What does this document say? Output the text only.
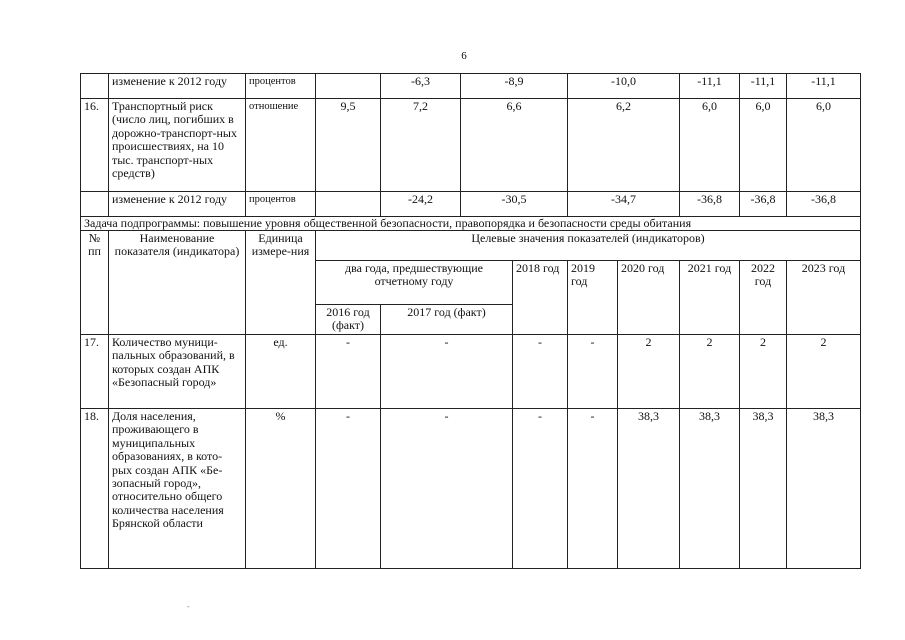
6
	изменение к 2012 году	процентов		-6,3	-8,9		-10,0		-11,1	-11,1	-11,1	
16.	Транспортный риск (число лиц, погибших в дорожно-транспорт-ных происшествиях, на 10 тыс. транспорт-ных средств)	отношение	9,5	7,2	6,6		6,2		6,0	6,0	6,0	
	изменение к 2012 году	процентов		-24,2	-30,5		-34,7		-36,8	-36,8	-36,8	
Задача подпрограммы: повышение уровня общественной безопасности, правопорядка и безопасности среды обитания												
№ пп	Наименование показателя (индикатора)	Единица измере-ния	Целевые значения показателей (индикаторов)									
			два года, предшествующие отчетному году			2018 год	2019 год	2020 год	2021 год	2022 год	2023 год	
			2016 год (факт)	2017 год (факт)								
17.	Количество муници-пальных образований, в которых создан АПК «Безопасный город»	ед.	-	-		-	-	2	2	2	2	
18.	Доля населения, проживающего в муниципальных образованиях, в кото-рых создан АПК «Бе-зопасный город», относительно общего количества населения Брянской области	%	-	-		-	-	38,3	38,3	38,3	38,3	
-
